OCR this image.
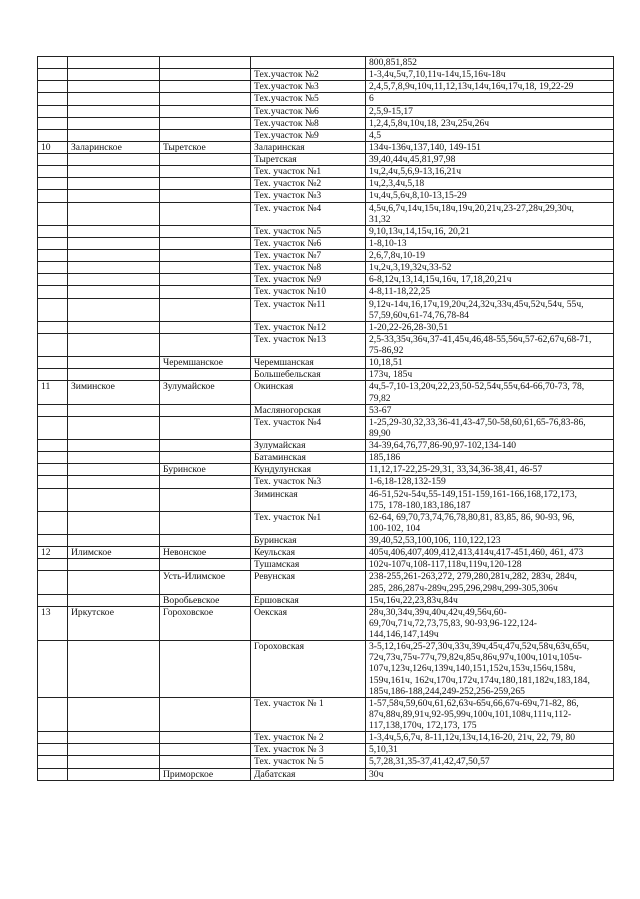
				800,851,852
			Тех.участок №2	1-3,4ч,5ч,7,10,11ч-14ч,15,16ч-18ч
			Тех.участок №3	2,4,5,7,8,9ч,10ч,11,12,13ч,14ч,16ч,17ч,18, 19,22-29
			Тех.участок №5	6
			Тех.участок №6	2,5,9-15,17
			Тех.участок №8	1,2,4,5,8ч,10ч,18, 23ч,25ч,26ч
			Тех.участок №9	4,5
10	Заларинское	Тыретское	Заларинская	134ч-136ч,137,140, 149-151
			Тыретская	39,40,44ч,45,81,97,98
			Тех. участок №1	1ч,2,4ч,5,6,9-13,16,21ч
			Тех. участок №2	1ч,2,3,4ч,5,18
			Тех. участок №3	1ч,4ч,5,6ч,8,10-13,15-29
			Тех. участок №4	4,5ч,6,7ч,14ч,15ч,18ч,19ч,20,21ч,23-27,28ч,29,30ч,
31,32
			Тех. участок №5	9,10,13ч,14,15ч,16, 20,21
			Тех. участок №6	1-8,10-13
			Тех. участок №7	2,6,7,8ч,10-19
			Тех. участок №8	1ч,2ч,3,19,32ч,33-52
			Тех. участок №9	6-8,12ч,13,14,15ч,16ч, 17,18,20,21ч
			Тех. участок №10	4-8,11-18,22,25
			Тех. участок №11	9,12ч-14ч,16,17ч,19,20ч,24,32ч,33ч,45ч,52ч,54ч, 55ч,
57,59,60ч,61-74,76,78-84
			Тех. участок №12	1-20,22-26,28-30,51
			Тех. участок №13	2,5-33,35ч,36ч,37-41,45ч,46,48-55,56ч,57-62,67ч,68-71,
75-86,92
		Черемшанское	Черемшанская	10,18,51
			Большебельская	173ч, 185ч
11	Зиминское	Зулумайское	Окинская	4ч,5-7,10-13,20ч,22,23,50-52,54ч,55ч,64-66,70-73, 78,
79,82
			Масляногорская	53-67
			Тех. участок №4	1-25,29-30,32,33,36-41,43-47,50-58,60,61,65-76,83-86,
89,90
			Зулумайская	34-39,64,76,77,86-90,97-102,134-140
			Батаминская	185,186
		Буринское	Кундулунская	11,12,17-22,25-29,31, 33,34,36-38,41, 46-57
			Тех. участок №3	1-6,18-128,132-159
			Зиминская	46-51,52ч-54ч,55-149,151-159,161-166,168,172,173,
175, 178-180,183,186,187
			Тех. участок №1	62-64, 69,70,73,74,76,78,80,81, 83,85, 86, 90-93, 96,
100-102, 104
			Буринская	39,40,52,53,100,106, 110,122,123
12	Илимское	Невонское	Кеульская	405ч,406,407,409,412,413,414ч,417-451,460, 461, 473
			Тушамская	102ч-107ч,108-117,118ч,119ч,120-128
		Усть-Илимское	Ревунская	238-255,261-263,272, 279,280,281ч,282, 283ч, 284ч,
285, 286,287ч-289ч,295,296,298ч,299-305,306ч
		Воробьевское	Ершовская	15ч,16ч,22,23,83ч,84ч
13	Иркутское	Гороховское	Оекская	28ч,30,34ч,39ч,40ч,42ч,49,56ч,60-
69,70ч,71ч,72,73,75,83, 90-93,96-122,124-
144,146,147,149ч
			Гороховская	3-5,12,16ч,25-27,30ч,33ч,39ч,45ч,47ч,52ч,58ч,63ч,65ч,
72ч,73ч,75ч-77ч,79,82ч,85ч,86ч,97ч,100ч,101ч,105ч-
107ч,123ч,126ч,139ч,140,151,152ч,153ч,156ч,158ч,
159ч,161ч, 162ч,170ч,172ч,174ч,180,181,182ч,183,184,
185ч,186-188,244,249-252,256-259,265
			Тех. участок № 1	1-57,58ч,59,60ч,61,62,63ч-65ч,66,67ч-69ч,71-82, 86,
87ч,88ч,89,91ч,92-95,99ч,100ч,101,108ч,111ч,112-
117,138,170ч, 172,173, 175
			Тех. участок № 2	1-3,4ч,5,6,7ч, 8-11,12ч,13ч,14,16-20, 21ч, 22, 79, 80
			Тех. участок № 3	5,10,31
			Тех. участок № 5	5,7,28,31,35-37,41,42,47,50,57
		Приморское	Дабатская	30ч
